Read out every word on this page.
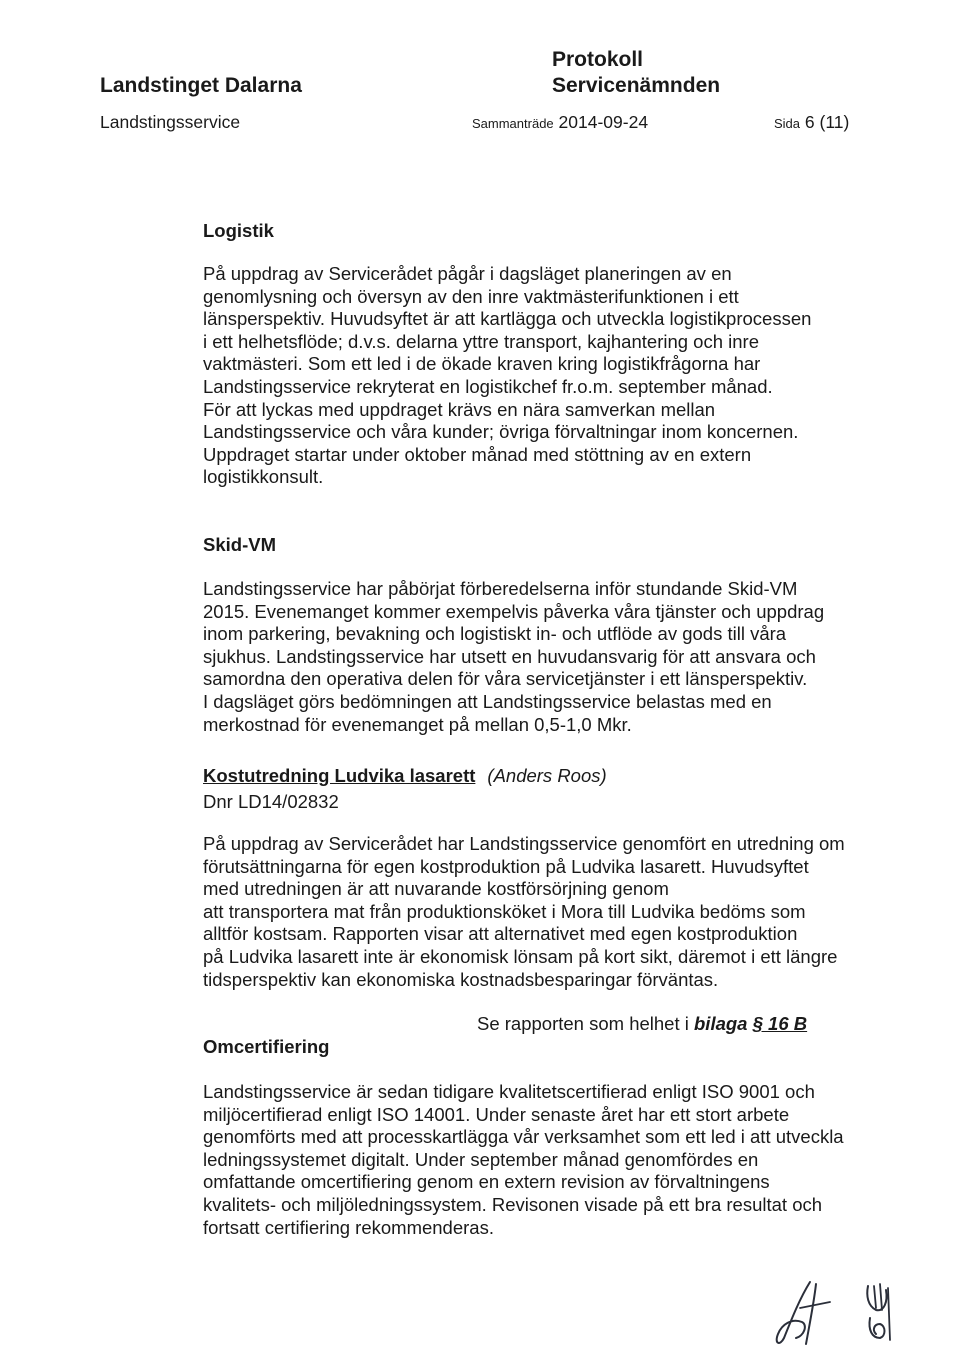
Landstinget Dalarna
Landstingsservice
Protokoll
Servicenämnden
Sammanträde 2014-09-24	Sida 6 (11)
Logistik
På uppdrag av Servicerådet pågår i dagsläget planeringen av en
genomlysning och översyn av den inre vaktmästerifunktionen i ett
länsperspektiv. Huvudsyftet är att kartlägga och utveckla logistikprocessen
i ett helhetsflöde; d.v.s. delarna yttre transport, kajhantering och inre
vaktmästeri. Som ett led i de ökade kraven kring logistikfrågorna har
Landstingsservice rekryterat en logistikchef fr.o.m. september månad.
För att lyckas med uppdraget krävs en nära samverkan mellan
Landstingsservice och våra kunder; övriga förvaltningar inom koncernen.
Uppdraget startar under oktober månad med stöttning av en extern
logistikkonsult.
Skid-VM
Landstingsservice har påbörjat förberedelserna inför stundande Skid-VM
2015. Evenemanget kommer exempelvis påverka våra tjänster och uppdrag
inom parkering, bevakning och logistiskt in- och utflöde av gods till våra
sjukhus. Landstingsservice har utsett en huvudansvarig för att ansvara och
samordna den operativa delen för våra servicetjänster i ett länsperspektiv.
I dagsläget görs bedömningen att Landstingsservice belastas med en
merkostnad för evenemanget på mellan 0,5-1,0 Mkr.
Kostutredning Ludvika lasarett (Anders Roos)
Dnr LD14/02832
På uppdrag av Servicerådet har Landstingsservice genomfört en utredning om
förutsättningarna för egen kostproduktion på Ludvika lasarett. Huvudsyftet
med utredningen är att nuvarande kostförsörjning genom
att transportera mat från produktionsköket i Mora till Ludvika bedöms som
alltför kostsam. Rapporten visar att alternativet med egen kostproduktion
på Ludvika lasarett inte är ekonomisk lönsam på kort sikt, däremot i ett längre
tidsperspektiv kan ekonomiska kostnadsbesparingar förväntas.
Se rapporten som helhet i bilaga § 16 B
Omcertifiering
Landstingsservice är sedan tidigare kvalitetscertifierad enligt ISO 9001 och
miljöcertifierad enligt ISO 14001. Under senaste året har ett stort arbete
genomförts med att processkartlägga vår verksamhet som ett led i att utveckla
ledningssystemet digitalt. Under september månad genomfördes en
omfattande omcertifiering genom en extern revision av förvaltningens
kvalitets- och miljöledningssystem. Revisonen visade på ett bra resultat och
fortsatt certifiering rekommenderas.
